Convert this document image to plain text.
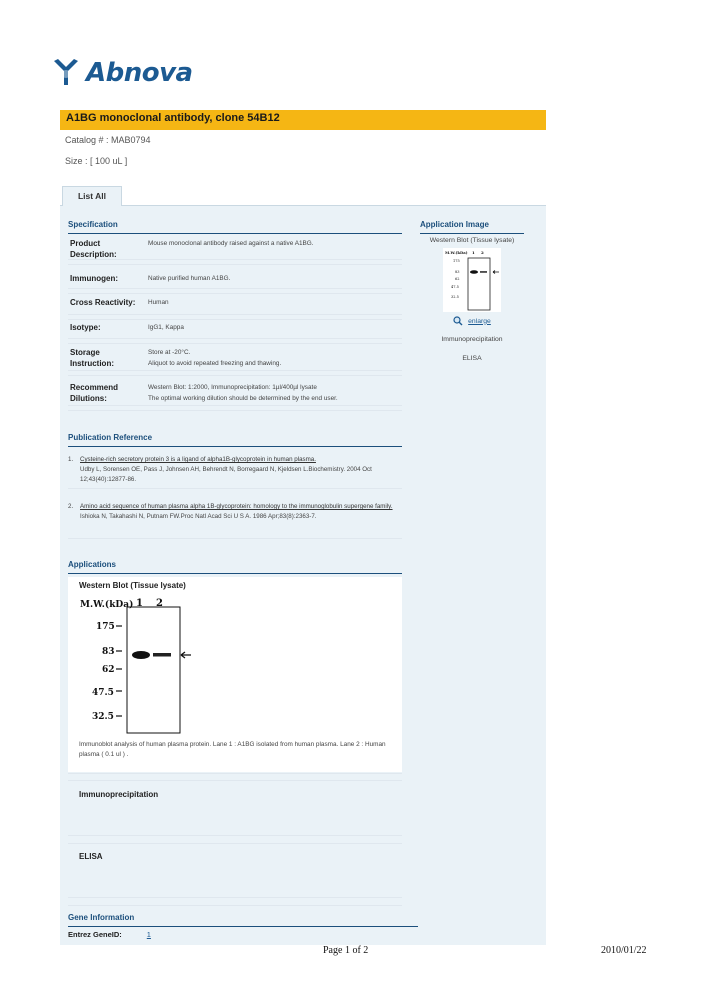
Abnova
A1BG monoclonal antibody, clone 54B12
Catalog # : MAB0794
Size : [ 100 uL ]
List All
Specification
Product Description:
Mouse monoclonal antibody raised against a native A1BG.
Immunogen:	Native purified human A1BG.
Cross Reactivity:	Human
Isotype:	IgG1, Kappa
Storage Instruction:
Store at -20°C.
Aliquot to avoid repeated freezing and thawing.
Recommend Dilutions:
Western Blot: 1:2000, Immunoprecipitation: 1µl/400µl lysate
The optimal working dilution should be determined by the end user.
Application Image
Western Blot (Tissue lysate)
M.W.(kDa) 1 2
175
83
62
47.5
32.5
enlarge
Immunoprecipitation
ELISA
Publication Reference
1. Cysteine-rich secretory protein 3 is a ligand of alpha1B-glycoprotein in human plasma.
Udby L, Sorensen OE, Pass J, Johnsen AH, Behrendt N, Borregaard N, Kjeldsen L.Biochemistry. 2004 Oct 12;43(40):12877-86.
2. Amino acid sequence of human plasma alpha 1B-glycoprotein: homology to the immunoglobulin supergene family.
Ishioka N, Takahashi N, Putnam FW.Proc Natl Acad Sci U S A. 1986 Apr;83(8):2363-7.
Applications
Western Blot (Tissue lysate)
M.W.(kDa) 1 2
175
83
62
47.5
32.5
Immunoblot analysis of human plasma protein. Lane 1 : A1BG isolated from human plasma. Lane 2 : Human plasma ( 0.1 ul ) .
Immunoprecipitation
ELISA
Gene Information
Entrez GeneID:	1
Page 1 of 2	2010/01/22
